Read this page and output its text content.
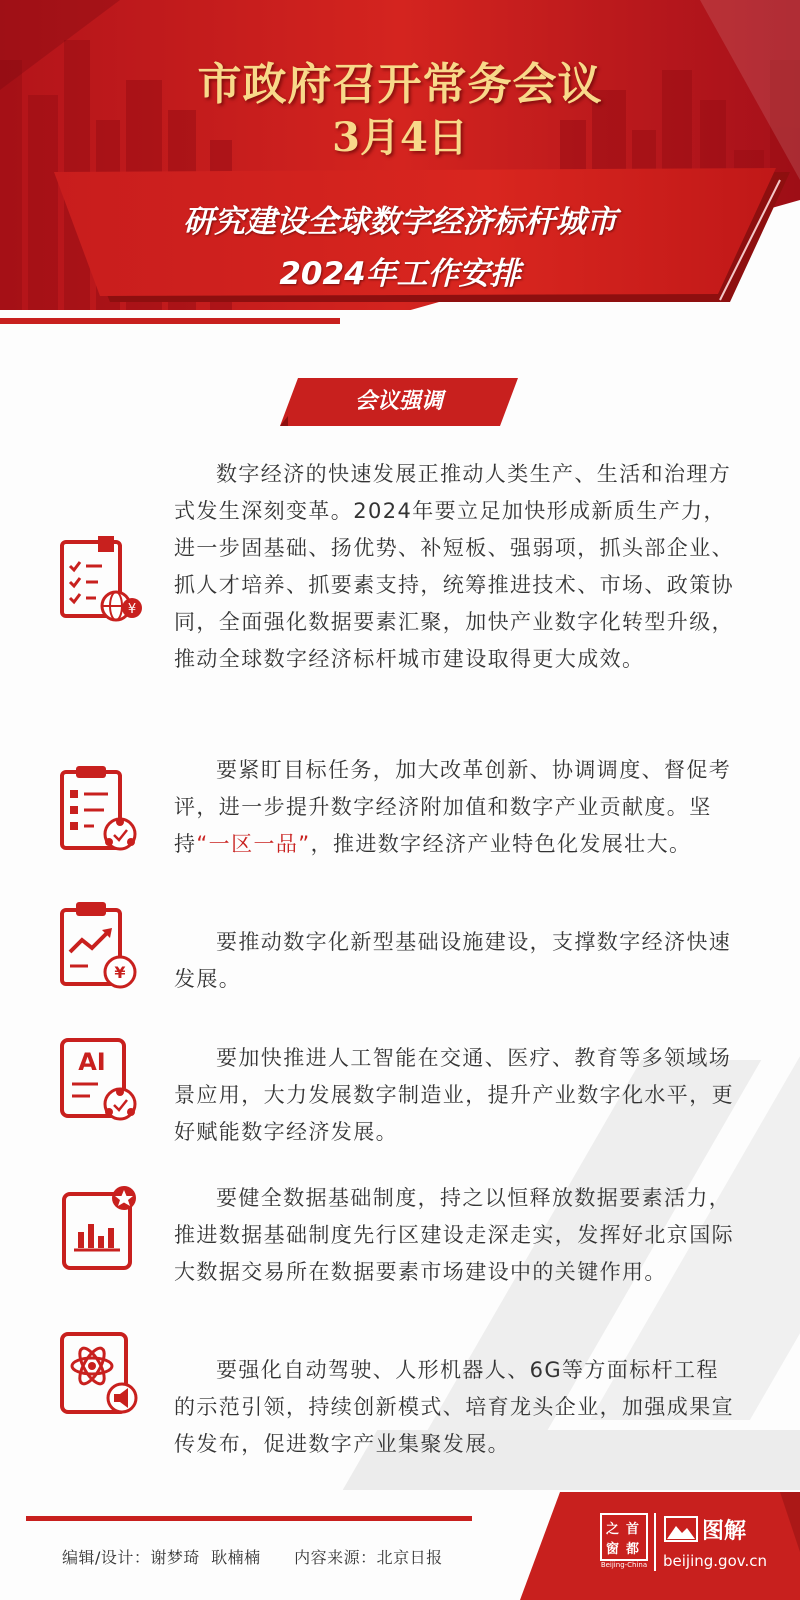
市政府召开常务会议
3月4日
研究建设全球数字经济标杆城市
2024年工作安排
会议强调
数字经济的快速发展正推动人类生产、生活和治理方式发生深刻变革。2024年要立足加快形成新质生产力，进一步固基础、扬优势、补短板、强弱项，抓头部企业、抓人才培养、抓要素支持，统筹推进技术、市场、政策协同，全面强化数据要素汇聚，加快产业数字化转型升级，推动全球数字经济标杆城市建设取得更大成效。
要紧盯目标任务，加大改革创新、协调调度、督促考评，进一步提升数字经济附加值和数字产业贡献度。坚持“一区一品”，推进数字经济产业特色化发展壮大。
要推动数字化新型基础设施建设，支撑数字经济快速发展。
要加快推进人工智能在交通、医疗、教育等多领域场景应用，大力发展数字制造业，提升产业数字化水平，更好赋能数字经济发展。
要健全数据基础制度，持之以恒释放数据要素活力，推进数据基础制度先行区建设走深走实，发挥好北京国际大数据交易所在数据要素市场建设中的关键作用。
要强化自动驾驶、人形机器人、6G等方面标杆工程的示范引领，持续创新模式、培育龙头企业，加强成果宣传发布，促进数字产业集聚发展。
¥
¥
AI
编辑/设计：谢梦琦  耿楠楠      内容来源：北京日报
之 首
窗 都
Beijing-China
图解
beijing.gov.cn
